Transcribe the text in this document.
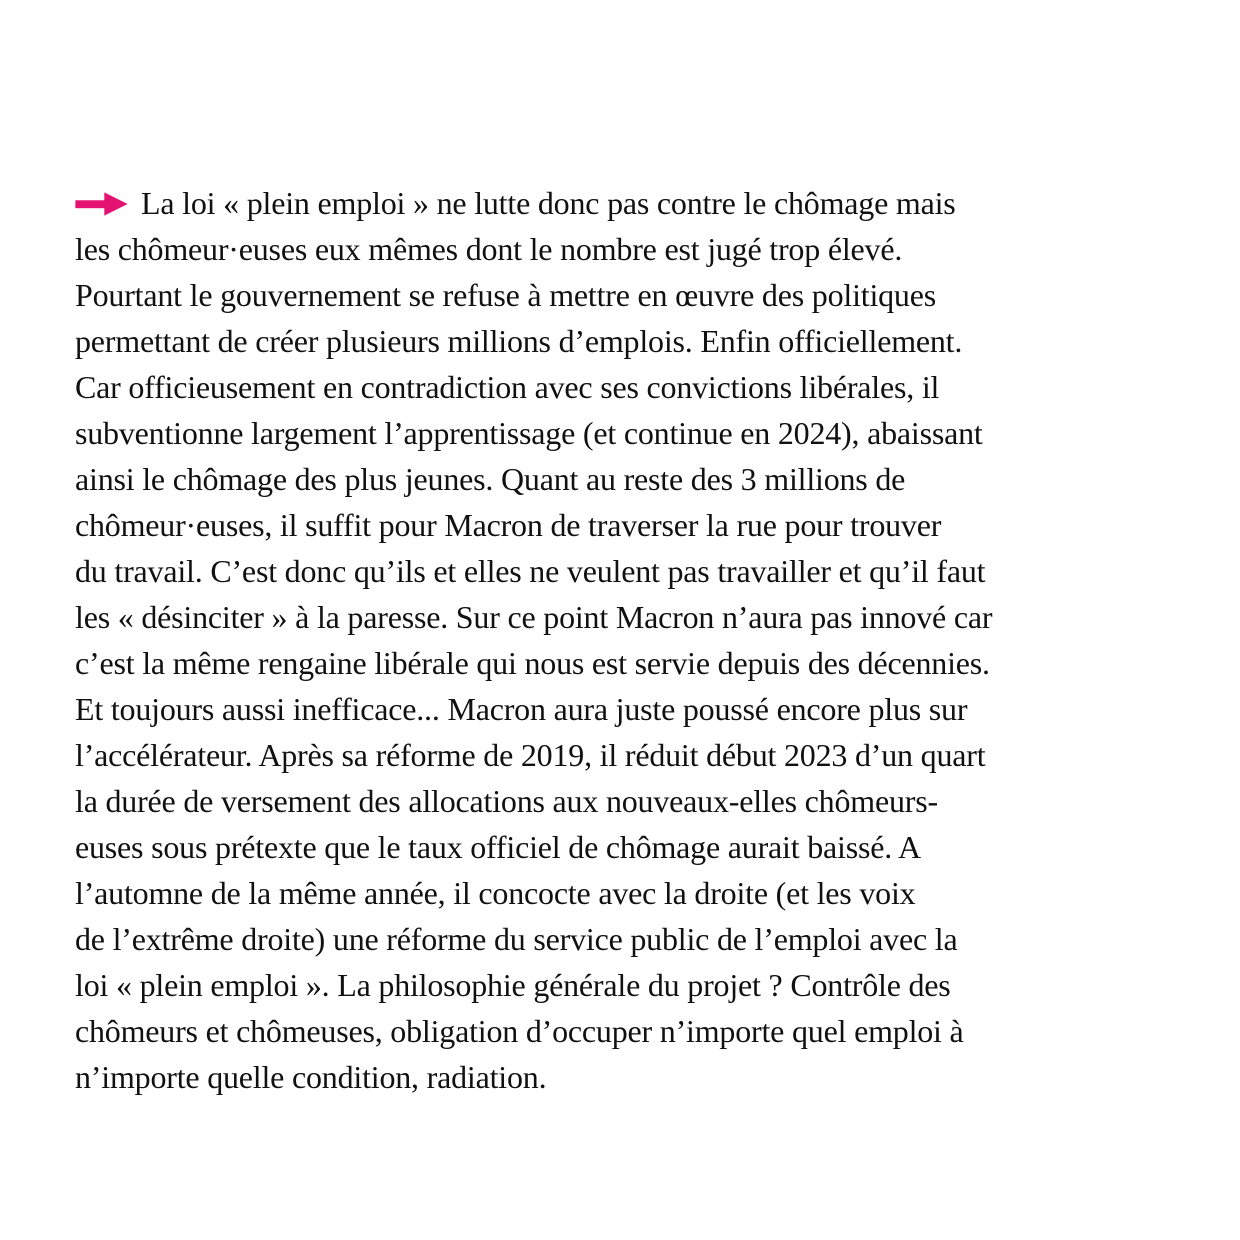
La loi « plein emploi » ne lutte donc pas contre le chômage mais
les chômeur·euses eux mêmes dont le nombre est jugé trop élevé.
Pourtant le gouvernement se refuse à mettre en œuvre des politiques
permettant de créer plusieurs millions d’emplois. Enfin officiellement.
Car officieusement en contradiction avec ses convictions libérales, il
subventionne largement l’apprentissage (et continue en 2024), abaissant
ainsi le chômage des plus jeunes. Quant au reste des 3 millions de
chômeur·euses, il suffit pour Macron de traverser la rue pour trouver
du travail. C’est donc qu’ils et elles ne veulent pas travailler et qu’il faut
les « désinciter » à la paresse. Sur ce point Macron n’aura pas innové car
c’est la même rengaine libérale qui nous est servie depuis des décennies.
Et toujours aussi inefficace... Macron aura juste poussé encore plus sur
l’accélérateur. Après sa réforme de 2019, il réduit début 2023 d’un quart
la durée de versement des allocations aux nouveaux-elles chômeurs-
euses sous prétexte que le taux officiel de chômage aurait baissé. A
l’automne de la même année, il concocte avec la droite (et les voix
de l’extrême droite) une réforme du service public de l’emploi avec la
loi « plein emploi ». La philosophie générale du projet ? Contrôle des
chômeurs et chômeuses, obligation d’occuper n’importe quel emploi à
n’importe quelle condition, radiation.
